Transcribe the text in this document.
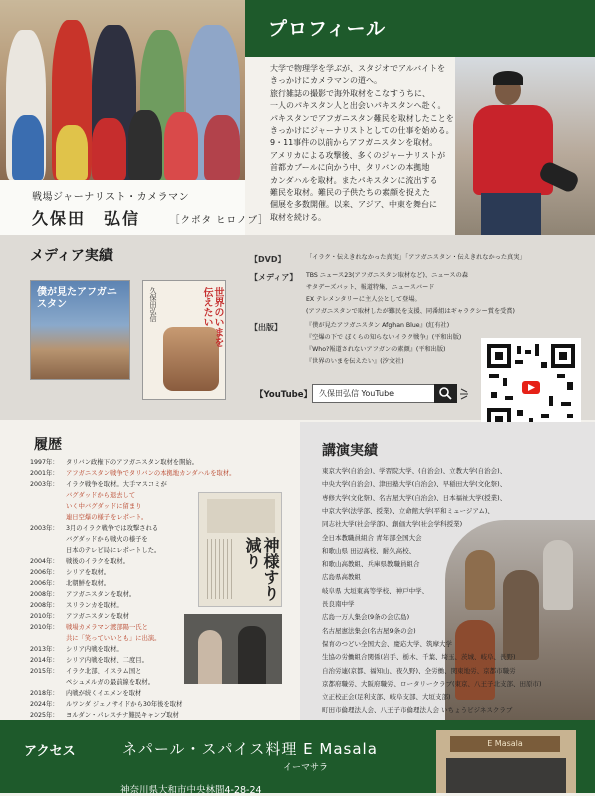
プロフィール
大学で物理学を学ぶが、スタジオでアルバイトを
きっかけにカメラマンの道へ。
旅行雑誌の撮影で海外取材をこなすうちに、
一人のパキスタン人と出会いパキスタンへ赴く。
パキスタンでアフガニスタン難民を取材したことを
きっかけにジャーナリストとしての仕事を始める。
9・11事件の以前からアフガニスタンを取材。
アメリカによる攻撃後、多くのジャーナリストが
首都カブールに向かう中、タリバンの本拠地
カンダハルを取材。またパキスタンに流出する
難民を取材。難民の子供たちの素顔を捉えた
個展を多数開催。以来、アジア、中東を舞台に
取材を続ける。
戦場ジャーナリスト・カメラマン
久保田　弘信	［クボタ ヒロノブ］
メディア実績
僕が見たアフガニスタン	久保田弘信	世界のいまを伝えたい
【DVD】	「イラク・伝えきれなかった真実」「アフガニスタン・伝えきれなかった真実」
【メディア】 TBS ニュース23(アフガニスタン取材など)、ニュースの森
サタデーズバット、報道特集、ニュースバード
EX テレメンタリーに主人公として登場。
(アフガニスタンで取材したが難民を支援、同番組はギャラクシー賞を受賞)
【出版】	『僕が見たアフガニスタン Afghan Blue』(紅有社)
『空爆の下で ぼくらの知らないイラク戦争』(平和出版)
『Who?報道されないアフガンの素顔』(平和出版)
『世界のいまを伝えたい』(汐文社)
【YouTube】 久保田弘信 YouTube
履歴
1997年： タリバン政権下のアフガニスタン取材を開始。
2001年： アフガニスタン戦争でタリバンの本拠地カンダハルを取材。
2003年： イラク戦争を取材。大手マスコミが
バグダッドから退去して
いく中バグダッドに留まり
連日空爆の様子をレポート。
2003年： 3月のイラク戦争では攻撃される
バグダッドから戦火の様子を
日本のテレビ局にレポートした。
2004年： 戦後のイラクを取材。
2006年： シリアを取材。
2006年： 北朝鮮を取材。
2008年： アフガニスタンを取材。
2008年： スリランカを取材。
2010年： アフガニスタンを取材
2010年： 戦場カメラマン渡部陽一氏と
共に「笑っていいとも」に出演。
2013年： シリア内戦を取材。
2014年： シリア内戦を取材、二度目。
2015年： イラク北部、イスラム国と
ペシュメルガの最前線を取材。
2018年： 内戦が続くイエメンを取材
2024年： ルワンダ ジェノサイドから30年後を取材
2025年： ヨルダン・パレスチナ難民キャンプ取材
神様すり減り
講演実績
東京大学(自治会)、学習院大学、(自治会)、立教大学(自治会)、
中央大学(自治会)、津田塾大学(自治会)、早稲田大学(文化祭)、
専修大学(文化祭)、名古屋大学(自治会)、日本福祉大学(授業)、
中京大学(法学部、授業)、立命館大学(平和ミュージアム)、
同志社大学(社会学部)、創価大学(社会学科授業)
全日本教職員組合 青年部全国大会
和歌山県 田辺高校、耐久高校、
和歌山高教組、兵庫県教職員組合
広島県高教組
岐阜県 大垣東高等学校、神戸中学、
長良南中学
広島一万人集会(9条の会広島)
名古屋憲法集会(名古屋9条の会)
保育のつどい全国大会、慶応大学、筑摩大学
生協の労働組合関係(岩手、栃木、千葉、埼玉、茨城、岐阜、長野)
自治労連(京都、福知山、夜久野)、全労働、関東地労、京都市職労
京都府職労、大阪府職労、ロータリークラブ(東京、八王子北支部、田原市)
立正校正会(足利支部、岐阜支部、大垣支部)
町田市倫理法人会、八王子市倫理法人会 いちょうビジネスクラブ
アクセス	ネパール・スパイス料理 E Masala
イーマサラ
神奈川県大和市中央林間4-28-24
E Masala
